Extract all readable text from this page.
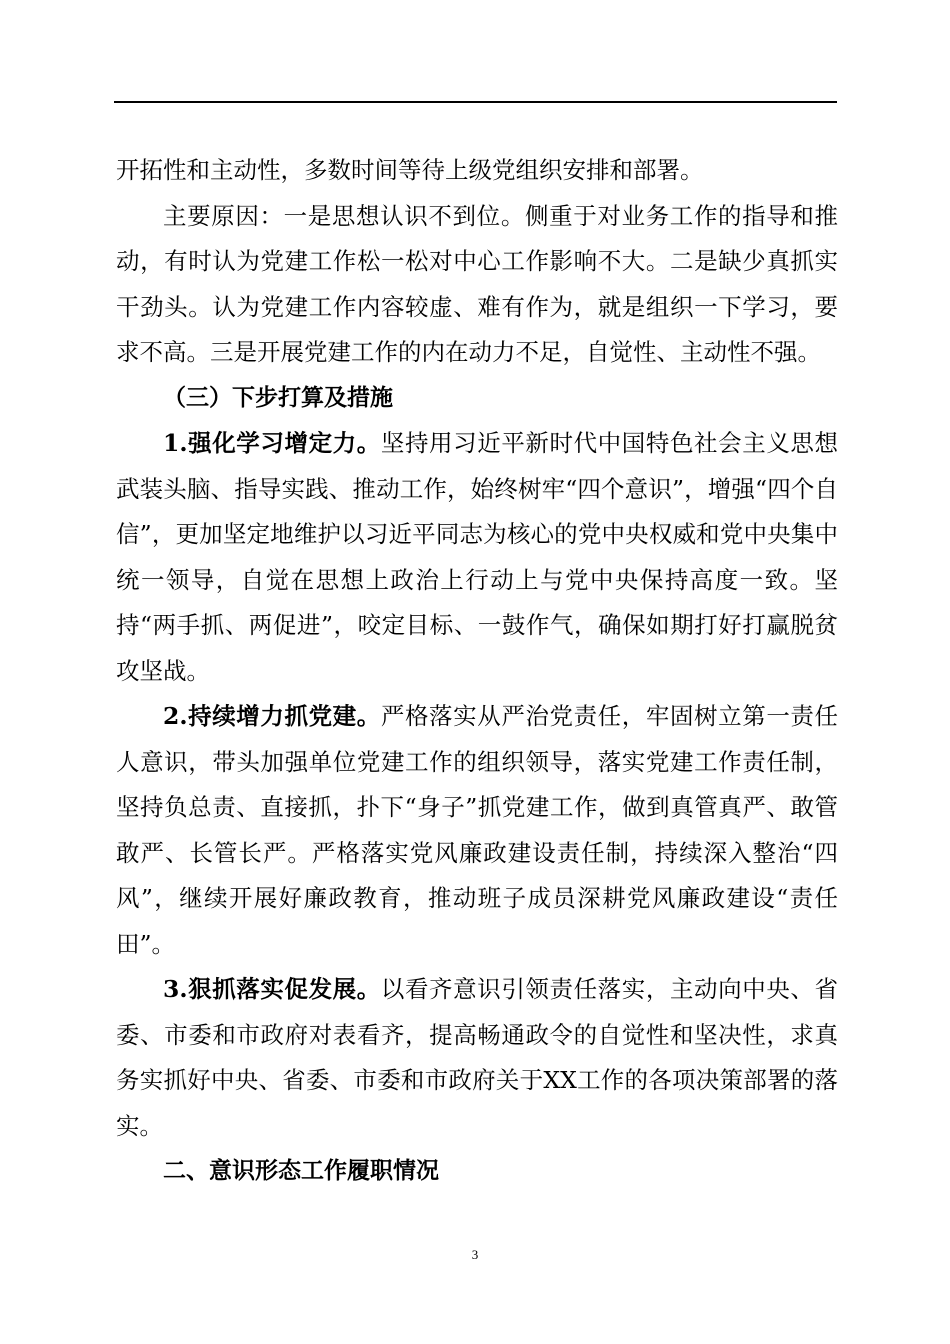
开拓性和主动性，多数时间等待上级党组织安排和部署。

主要原因：一是思想认识不到位。侧重于对业务工作的指导和推动，有时认为党建工作松一松对中心工作影响不大。二是缺少真抓实干劲头。认为党建工作内容较虚、难有作为，就是组织一下学习，要求不高。三是开展党建工作的内在动力不足，自觉性、主动性不强。

（三）下步打算及措施

1.强化学习增定力。坚持用习近平新时代中国特色社会主义思想武装头脑、指导实践、推动工作，始终树牢“四个意识”，增强“四个自信”，更加坚定地维护以习近平同志为核心的党中央权威和党中央集中统一领导，自觉在思想上政治上行动上与党中央保持高度一致。坚持“两手抓、两促进”，咬定目标、一鼓作气，确保如期打好打赢脱贫攻坚战。

2.持续增力抓党建。严格落实从严治党责任，牢固树立第一责任人意识，带头加强单位党建工作的组织领导，落实党建工作责任制，坚持负总责、直接抓，扑下“身子”抓党建工作，做到真管真严、敢管敢严、长管长严。严格落实党风廉政建设责任制，持续深入整治“四风”，继续开展好廉政教育，推动班子成员深耕党风廉政建设“责任田”。

3.狠抓落实促发展。以看齐意识引领责任落实，主动向中央、省委、市委和市政府对表看齐，提高畅通政令的自觉性和坚决性，求真务实抓好中央、省委、市委和市政府关于XX工作的各项决策部署的落实。

二、意识形态工作履职情况

3
